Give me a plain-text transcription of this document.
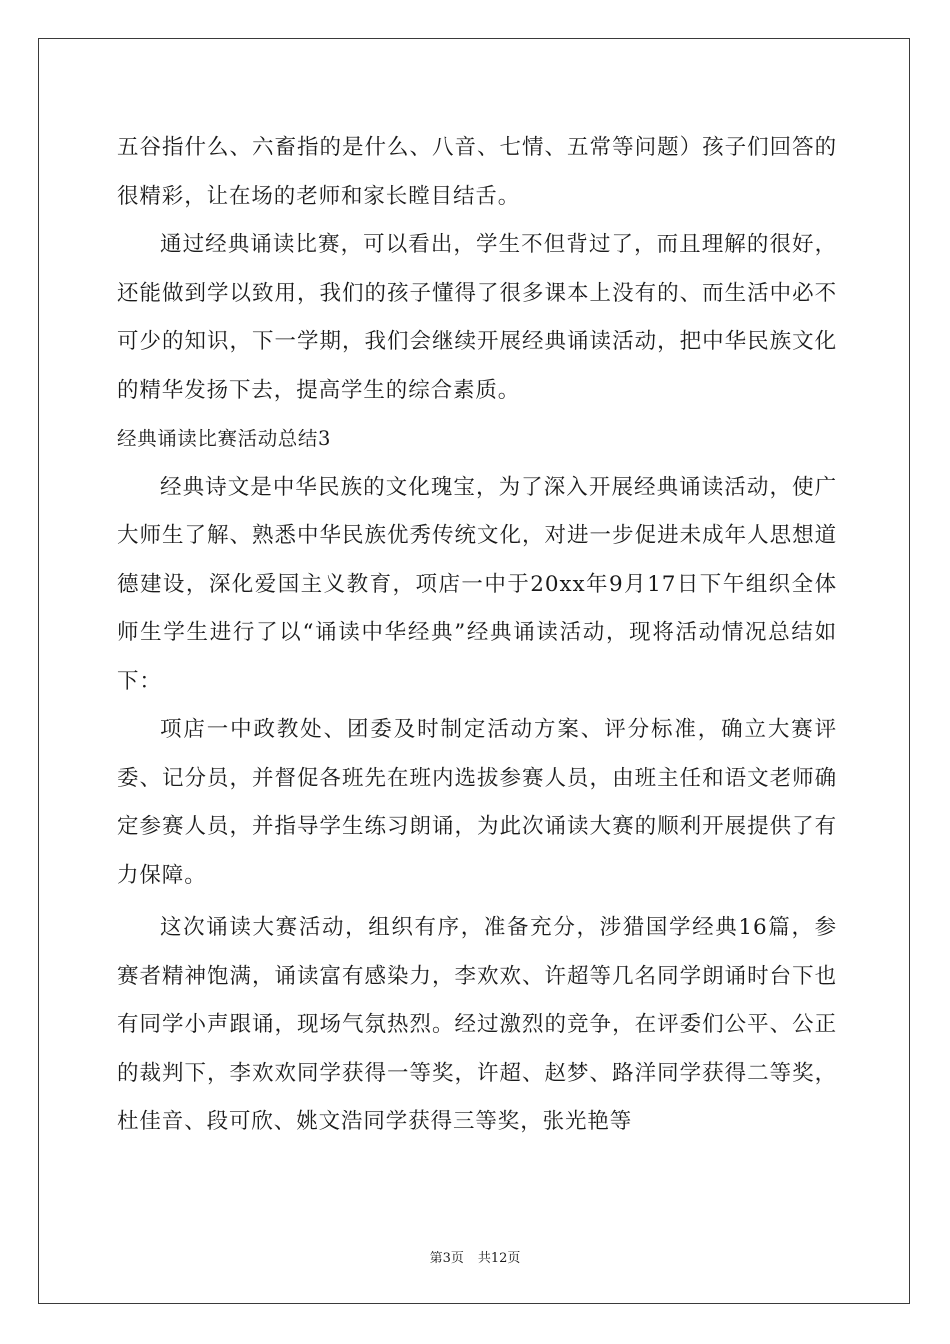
五谷指什么、六畜指的是什么、八音、七情、五常等问题）孩子们回答的很精彩，让在场的老师和家长瞠目结舌。

通过经典诵读比赛，可以看出，学生不但背过了，而且理解的很好，还能做到学以致用，我们的孩子懂得了很多课本上没有的、而生活中必不可少的知识，下一学期，我们会继续开展经典诵读活动，把中华民族文化的精华发扬下去，提高学生的综合素质。

经典诵读比赛活动总结3

经典诗文是中华民族的文化瑰宝，为了深入开展经典诵读活动，使广大师生了解、熟悉中华民族优秀传统文化，对进一步促进未成年人思想道德建设，深化爱国主义教育，项店一中于20xx年9月17日下午组织全体师生学生进行了以“诵读中华经典”经典诵读活动，现将活动情况总结如下：

项店一中政教处、团委及时制定活动方案、评分标准，确立大赛评委、记分员，并督促各班先在班内选拔参赛人员，由班主任和语文老师确定参赛人员，并指导学生练习朗诵，为此次诵读大赛的顺利开展提供了有力保障。

这次诵读大赛活动，组织有序，准备充分，涉猎国学经典16篇，参赛者精神饱满，诵读富有感染力，李欢欢、许超等几名同学朗诵时台下也有同学小声跟诵，现场气氛热烈。经过激烈的竞争，在评委们公平、公正的裁判下，李欢欢同学获得一等奖，许超、赵梦、路洋同学获得二等奖，杜佳音、段可欣、姚文浩同学获得三等奖，张光艳等

第3页 共12页
